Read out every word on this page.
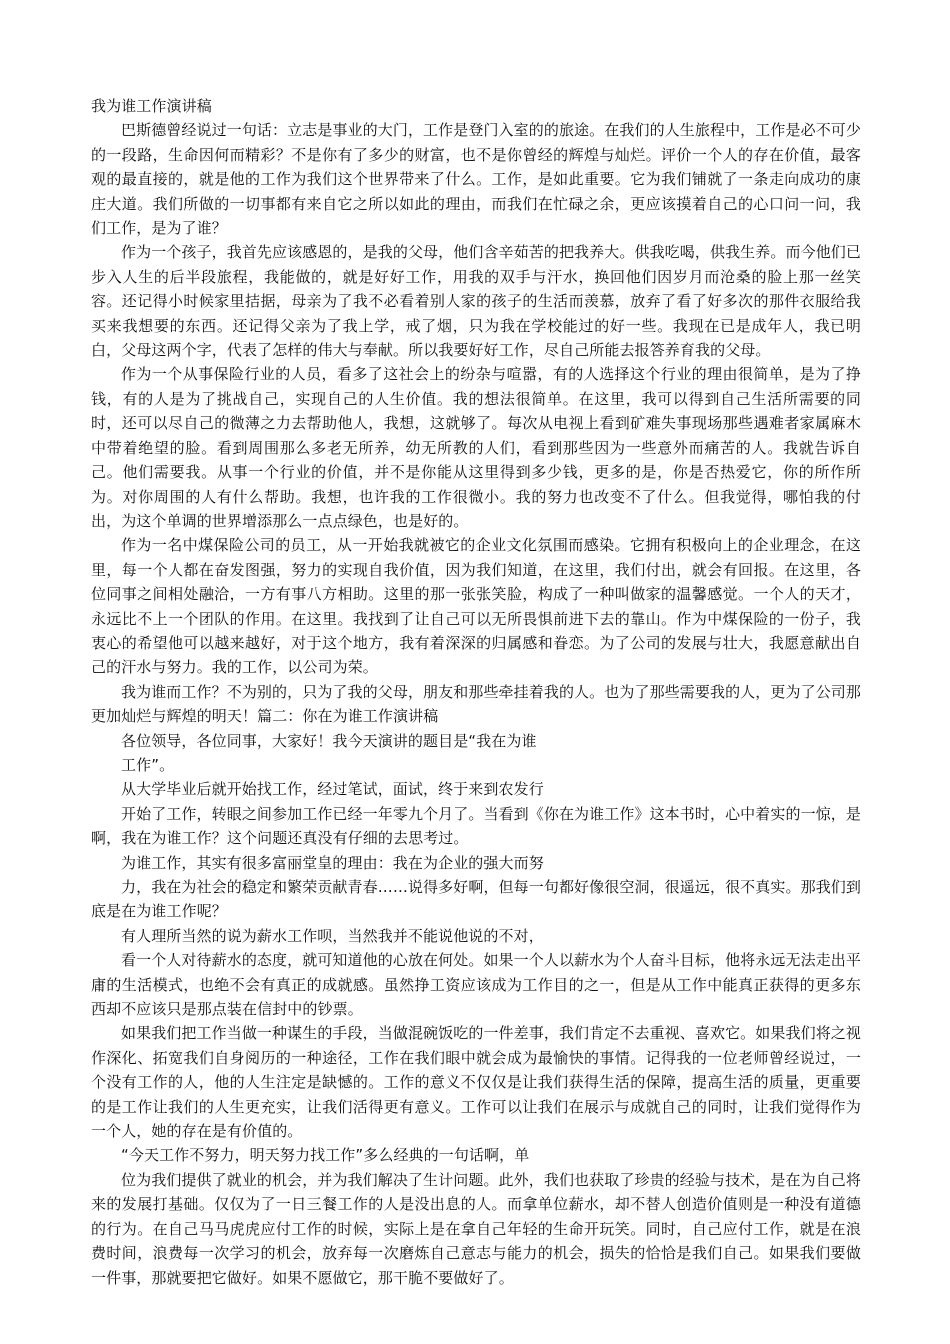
我为谁工作演讲稿

巴斯德曾经说过一句话：立志是事业的大门，工作是登门入室的的旅途。在我们的人生旅程中，工作是必不可少的一段路，生命因何而精彩？不是你有了多少的财富，也不是你曾经的辉煌与灿烂。评价一个人的存在价值，最客观的最直接的，就是他的工作为我们这个世界带来了什么。工作，是如此重要。它为我们铺就了一条走向成功的康庄大道。我们所做的一切事都有来自它之所以如此的理由，而我们在忙碌之余，更应该摸着自己的心口问一问，我们工作，是为了谁？

作为一个孩子，我首先应该感恩的，是我的父母，他们含辛茹苦的把我养大。供我吃喝，供我生养。而今他们已步入人生的后半段旅程，我能做的，就是好好工作，用我的双手与汗水，换回他们因岁月而沧桑的脸上那一丝笑容。还记得小时候家里拮据，母亲为了我不必看着别人家的孩子的生活而羡慕，放弃了看了好多次的那件衣服给我买来我想要的东西。还记得父亲为了我上学，戒了烟，只为我在学校能过的好一些。我现在已是成年人，我已明白，父母这两个字，代表了怎样的伟大与奉献。所以我要好好工作，尽自己所能去报答养育我的父母。

作为一个从事保险行业的人员，看多了这社会上的纷杂与喧嚣，有的人选择这个行业的理由很简单，是为了挣钱，有的人是为了挑战自己，实现自己的人生价值。我的想法很简单。在这里，我可以得到自己生活所需要的同时，还可以尽自己的微薄之力去帮助他人，我想，这就够了。每次从电视上看到矿难失事现场那些遇难者家属麻木中带着绝望的脸。看到周围那么多老无所养，幼无所教的人们，看到那些因为一些意外而痛苦的人。我就告诉自己。他们需要我。从事一个行业的价值，并不是你能从这里得到多少钱，更多的是，你是否热爱它，你的所作所为。对你周围的人有什么帮助。我想，也许我的工作很微小。我的努力也改变不了什么。但我觉得，哪怕我的付出，为这个单调的世界增添那么一点点绿色，也是好的。

作为一名中煤保险公司的员工，从一开始我就被它的企业文化氛围而感染。它拥有积极向上的企业理念，在这里，每一个人都在奋发图强，努力的实现自我价值，因为我们知道，在这里，我们付出，就会有回报。在这里，各位同事之间相处融洽，一方有事八方相助。这里的那一张张笑脸，构成了一种叫做家的温馨感觉。一个人的天才，永远比不上一个团队的作用。在这里。我找到了让自己可以无所畏惧前进下去的靠山。作为中煤保险的一份子，我衷心的希望他可以越来越好，对于这个地方，我有着深深的归属感和眷恋。为了公司的发展与壮大，我愿意献出自己的汗水与努力。我的工作，以公司为荣。

我为谁而工作？不为别的，只为了我的父母，朋友和那些牵挂着我的人。也为了那些需要我的人，更为了公司那更加灿烂与辉煌的明天！篇二：你在为谁工作演讲稿

各位领导，各位同事，大家好！我今天演讲的题目是“我在为谁

工作”。

从大学毕业后就开始找工作，经过笔试，面试，终于来到农发行

开始了工作，转眼之间参加工作已经一年零九个月了。当看到《你在为谁工作》这本书时，心中着实的一惊，是啊，我在为谁工作？这个问题还真没有仔细的去思考过。

为谁工作，其实有很多富丽堂皇的理由：我在为企业的强大而努

力，我在为社会的稳定和繁荣贡献青春……说得多好啊，但每一句都好像很空洞，很遥远，很不真实。那我们到底是在为谁工作呢？

有人理所当然的说为薪水工作呗，当然我并不能说他说的不对，

看一个人对待薪水的态度，就可知道他的心放在何处。如果一个人以薪水为个人奋斗目标，他将永远无法走出平庸的生活模式，也绝不会有真正的成就感。虽然挣工资应该成为工作目的之一，但是从工作中能真正获得的更多东西却不应该只是那点装在信封中的钞票。

如果我们把工作当做一种谋生的手段，当做混碗饭吃的一件差事，我们肯定不去重视、喜欢它。如果我们将之视作深化、拓宽我们自身阅历的一种途径，工作在我们眼中就会成为最愉快的事情。记得我的一位老师曾经说过，一个没有工作的人，他的人生注定是缺憾的。工作的意义不仅仅是让我们获得生活的保障，提高生活的质量，更重要的是工作让我们的人生更充实，让我们活得更有意义。工作可以让我们在展示与成就自己的同时，让我们觉得作为一个人，她的存在是有价值的。

“今天工作不努力，明天努力找工作”多么经典的一句话啊，单

位为我们提供了就业的机会，并为我们解决了生计问题。此外，我们也获取了珍贵的经验与技术，是在为自己将来的发展打基础。仅仅为了一日三餐工作的人是没出息的人。而拿单位薪水，却不替人创造价值则是一种没有道德的行为。在自己马马虎虎应付工作的时候，实际上是在拿自己年轻的生命开玩笑。同时，自己应付工作，就是在浪费时间，浪费每一次学习的机会，放弃每一次磨炼自己意志与能力的机会，损失的恰恰是我们自己。如果我们要做一件事，那就要把它做好。如果不愿做它，那干脆不要做好了。
